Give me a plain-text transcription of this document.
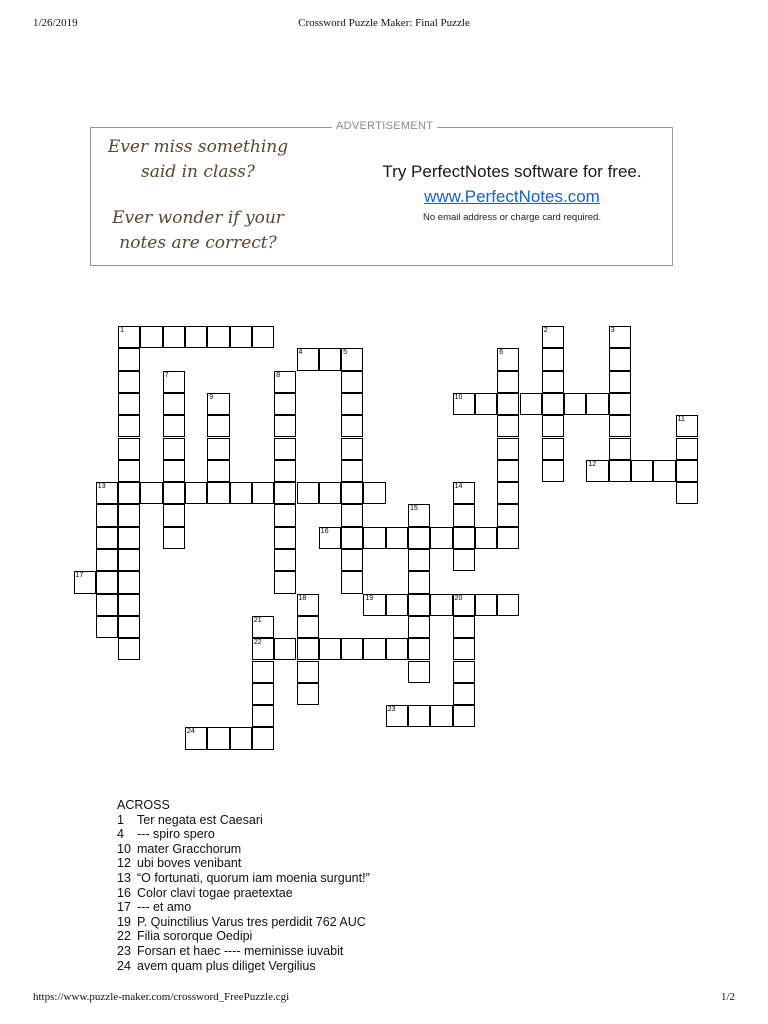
1/26/2019	Crossword Puzzle Maker: Final Puzzle
ADVERTISEMENT
Ever miss something
said in class?
Ever wonder if your
notes are correct?
Try PerfectNotes software for free.
www.PerfectNotes.com
No email address or charge card required.
1	2	3
4	5	6
7	8
9	10
11
12
13	14
15
16
17
18	19	20
21
22
23
24
ACROSS
1 Ter negata est Caesari
4 --- spiro spero
10 mater Gracchorum
12 ubi boves venibant
13 “O fortunati, quorum iam moenia surgunt!”
16 Color clavi togae praetextae
17 --- et amo
19 P. Quinctilius Varus tres perdidit 762 AUC
22 Filia sororque Oedipi
23 Forsan et haec ---- meminisse iuvabit
24 avem quam plus diliget Vergilius
https://www.puzzle-maker.com/crossword_FreePuzzle.cgi	1/2
